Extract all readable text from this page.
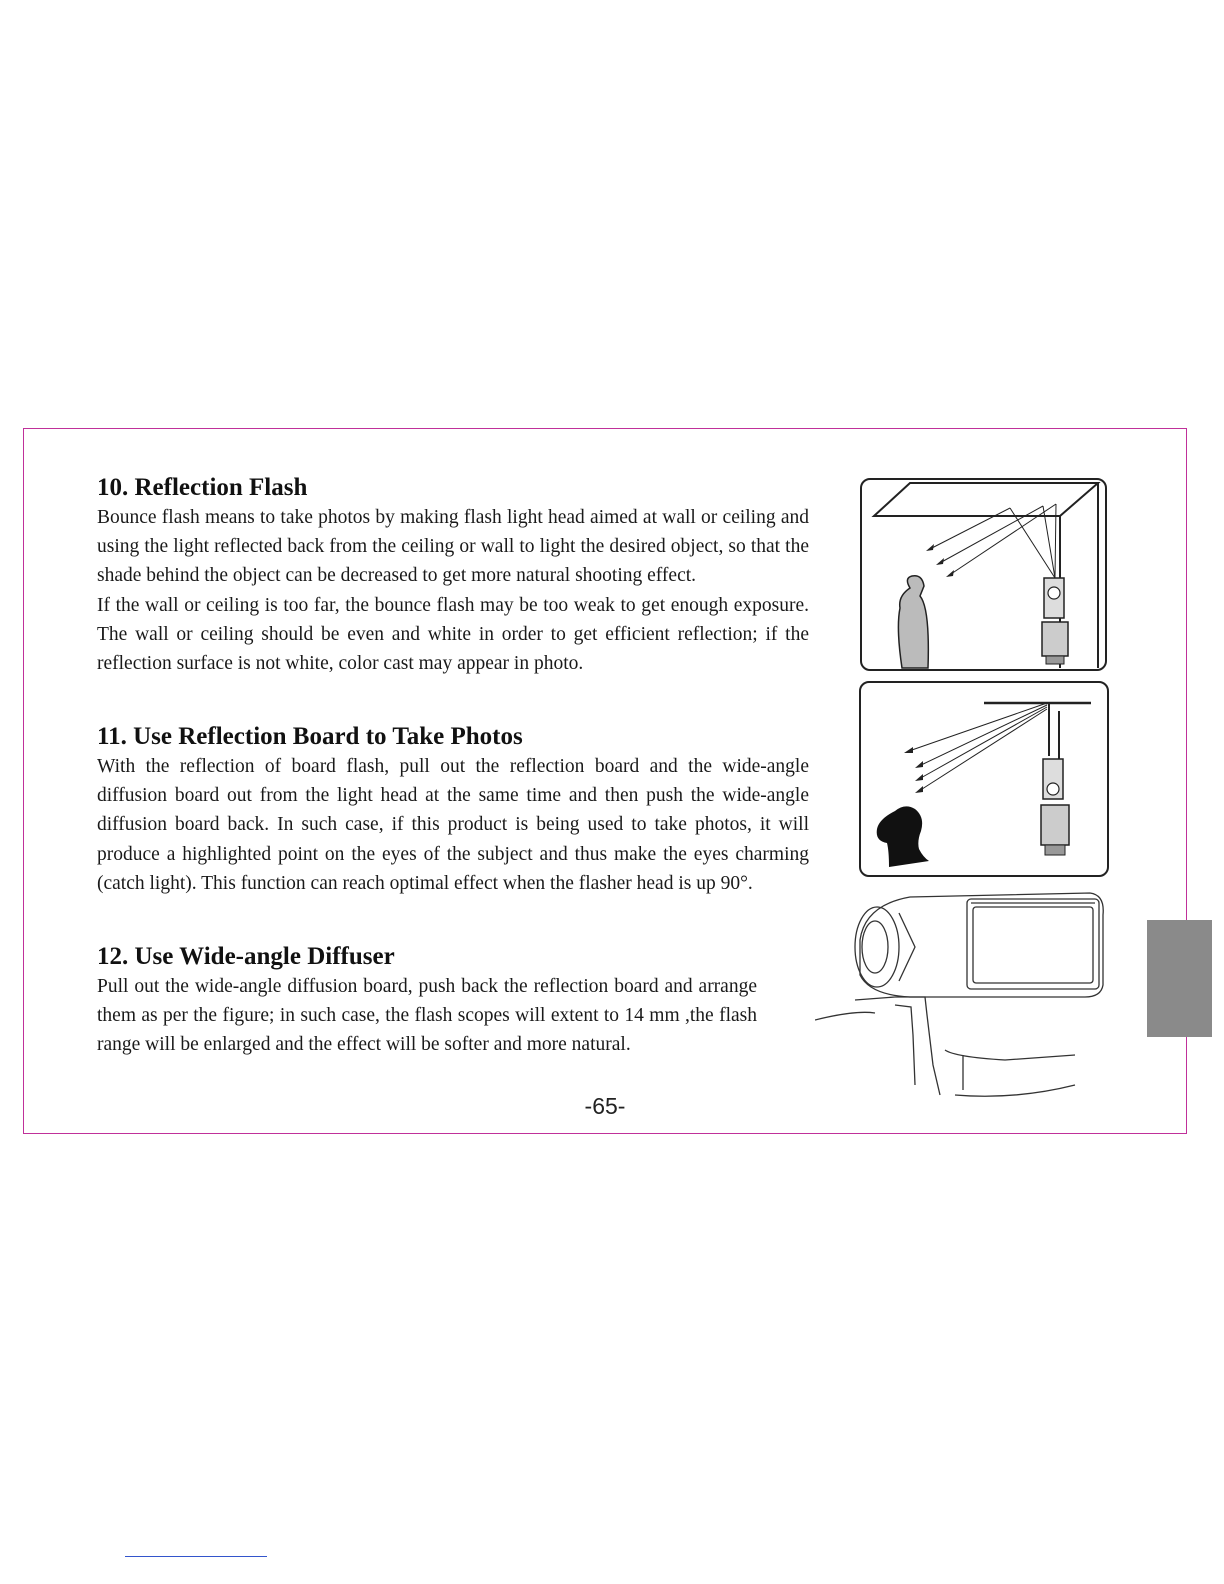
10. Reflection Flash

Bounce flash means to take photos by making flash light head aimed at wall or ceiling and using the light reflected back from the ceiling or wall to light the desired object, so that the shade behind the object can be decreased to get more natural shooting effect.

If the wall or ceiling is too far, the bounce flash may be too weak to get enough exposure. The wall or ceiling should be even and white in order to get efficient reflection; if the reflection surface is not white, color cast may appear in photo.

11. Use Reflection Board to Take Photos

With the reflection of board flash, pull out the reflection board and the wide-angle diffusion board out from the light head at the same time and then push the wide-angle diffusion board back. In such case, if this product is being used to take photos, it will produce a highlighted point on the eyes of the subject and thus make the eyes charming (catch light). This function can reach optimal effect when the flasher head is up 90°.

12. Use Wide-angle Diffuser

Pull out the wide-angle diffusion board, push back the reflection board and arrange them as per the figure; in such case, the flash scopes will extent to 14 mm ,the flash range will be enlarged and the effect will be softer and more natural.

-65-
